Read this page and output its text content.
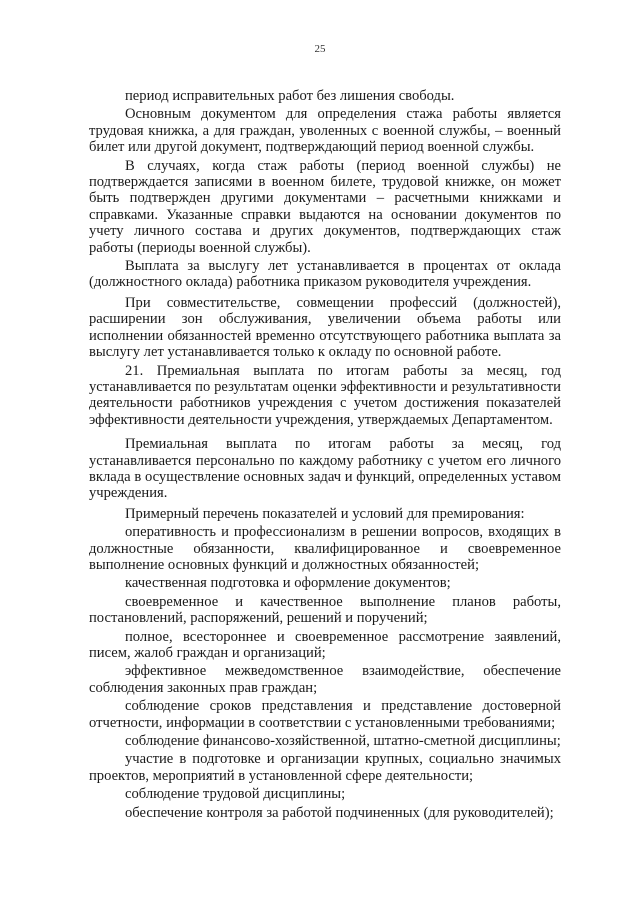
25

период исправительных работ без лишения свободы.

Основным документом для определения стажа работы является трудовая книжка, а для граждан, уволенных с военной службы, – военный билет или другой документ, подтверждающий период военной службы.

В случаях, когда стаж работы (период военной службы) не подтверждается записями в военном билете, трудовой книжке, он может быть подтвержден другими документами – расчетными книжками и справками. Указанные справки выдаются на основании документов по учету личного состава и других документов, подтверждающих стаж работы (периоды военной службы).

Выплата за выслугу лет устанавливается в процентах от оклада (должностного оклада) работника приказом руководителя учреждения.

При совместительстве, совмещении профессий (должностей), расширении зон обслуживания, увеличении объема работы или исполнении обязанностей временно отсутствующего работника выплата за выслугу лет устанавливается только к окладу по основной работе.

21. Премиальная выплата по итогам работы за месяц, год устанавливается по результатам оценки эффективности и результативности деятельности работников учреждения с учетом достижения показателей эффективности деятельности учреждения, утверждаемых Департаментом.

Премиальная выплата по итогам работы за месяц, год устанавливается персонально по каждому работнику с учетом его личного вклада в осуществление основных задач и функций, определенных уставом учреждения.

Примерный перечень показателей и условий для премирования:

оперативность и профессионализм в решении вопросов, входящих в должностные обязанности, квалифицированное и своевременное выполнение основных функций и должностных обязанностей;

качественная подготовка и оформление документов;

своевременное и качественное выполнение планов работы, постановлений, распоряжений, решений и поручений;

полное, всестороннее и своевременное рассмотрение заявлений, писем, жалоб граждан и организаций;

эффективное межведомственное взаимодействие, обеспечение соблюдения законных прав граждан;

соблюдение сроков представления и представление достоверной отчетности, информации в соответствии с установленными требованиями;

соблюдение финансово-хозяйственной, штатно-сметной дисциплины;

участие в подготовке и организации крупных, социально значимых проектов, мероприятий в установленной сфере деятельности;

соблюдение трудовой дисциплины;

обеспечение контроля за работой подчиненных (для руководителей);
